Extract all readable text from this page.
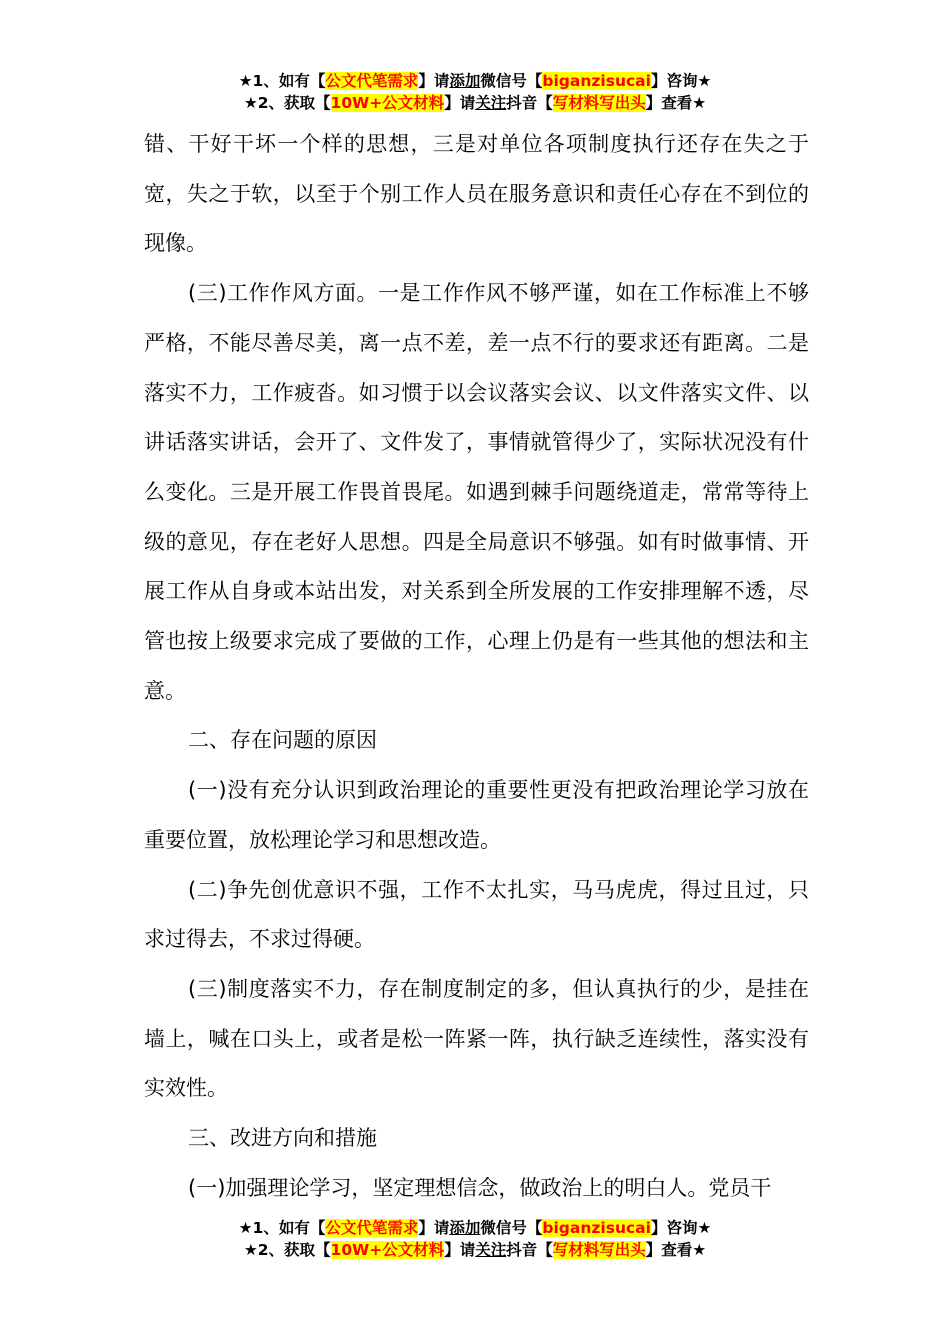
★1、如有【公文代笔需求】请添加微信号【biganzisucai】咨询★
★2、获取【10W+公文材料】请关注抖音【写材料写出头】查看★

错、干好干坏一个样的思想，三是对单位各项制度执行还存在失之于宽，失之于软，以至于个别工作人员在服务意识和责任心存在不到位的现像。

(三)工作作风方面。一是工作作风不够严谨，如在工作标准上不够严格，不能尽善尽美，离一点不差，差一点不行的要求还有距离。二是落实不力，工作疲沓。如习惯于以会议落实会议、以文件落实文件、以讲话落实讲话，会开了、文件发了，事情就管得少了，实际状况没有什么变化。三是开展工作畏首畏尾。如遇到棘手问题绕道走，常常等待上级的意见，存在老好人思想。四是全局意识不够强。如有时做事情、开展工作从自身或本站出发，对关系到全所发展的工作安排理解不透，尽管也按上级要求完成了要做的工作，心理上仍是有一些其他的想法和主意。

二、存在问题的原因

(一)没有充分认识到政治理论的重要性更没有把政治理论学习放在重要位置，放松理论学习和思想改造。

(二)争先创优意识不强，工作不太扎实，马马虎虎，得过且过，只求过得去，不求过得硬。

(三)制度落实不力，存在制度制定的多，但认真执行的少，是挂在墙上，喊在口头上，或者是松一阵紧一阵，执行缺乏连续性，落实没有实效性。

三、改进方向和措施

(一)加强理论学习，坚定理想信念，做政治上的明白人。党员干

★1、如有【公文代笔需求】请添加微信号【biganzisucai】咨询★
★2、获取【10W+公文材料】请关注抖音【写材料写出头】查看★
